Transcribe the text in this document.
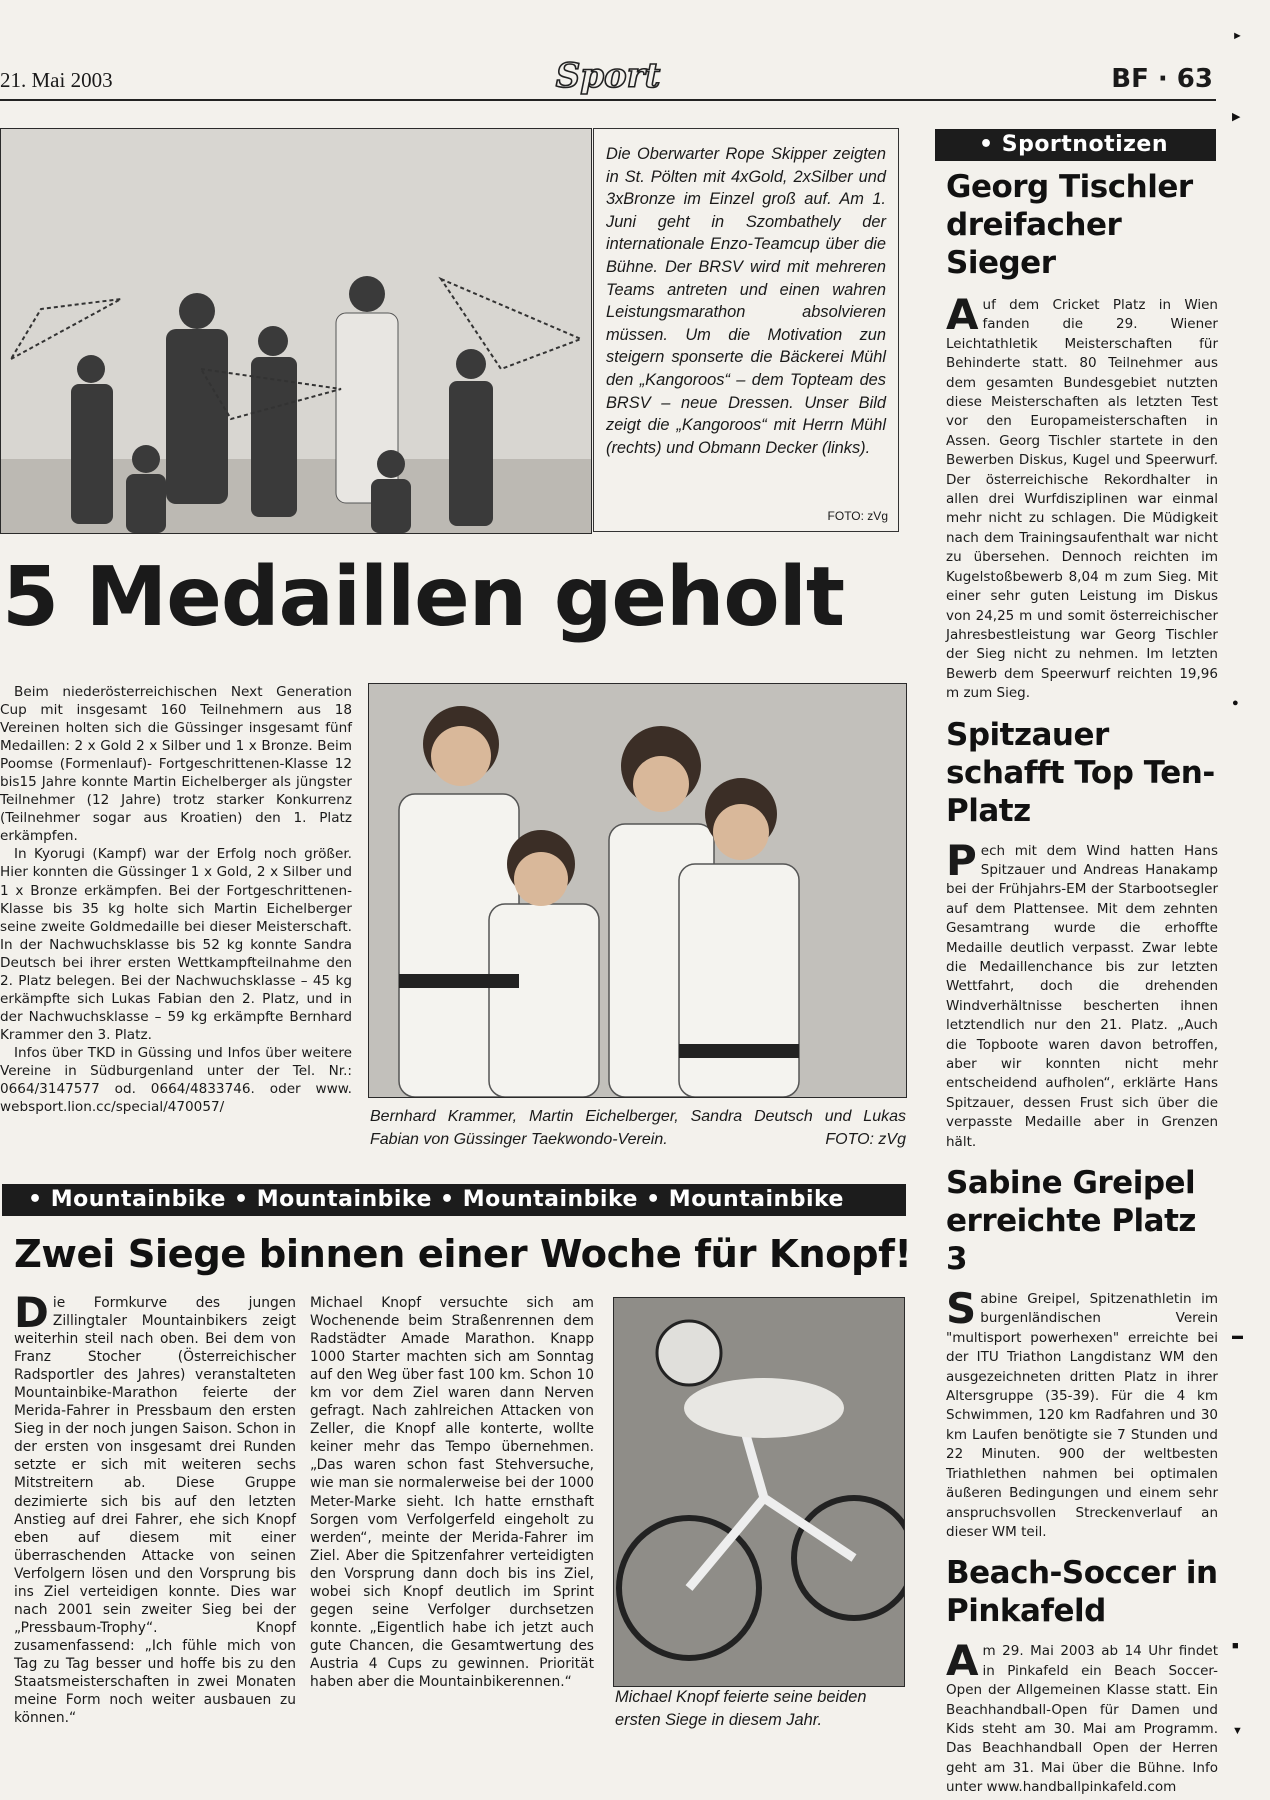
21. Mai 2003	Sport	BF · 63
►
▶
●
▬
■
▼

Die Oberwarter Rope Skipper zeigten in St. Pölten mit 4xGold, 2xSilber und 3xBronze im Einzel groß auf. Am 1. Juni geht in Szombathely der internationale Enzo-Teamcup über die Bühne. Der BRSV wird mit mehreren Teams antreten und einen wahren Leistungsmarathon absolvieren müssen. Um die Motivation zun steigern sponserte die Bäckerei Mühl den „Kangoroos“ – dem Topteam des BRSV – neue Dressen. Unser Bild zeigt die „Kangoroos“ mit Herrn Mühl (rechts) und Obmann Decker (links).

FOTO: zVg
5 Medaillen geholt

Beim niederösterreichischen Next Generation Cup mit insgesamt 160 Teilnehmern aus 18 Vereinen holten sich die Güssinger insgesamt fünf Medaillen: 2 x Gold 2 x Silber und 1 x Bronze. Beim Poomse (Formenlauf)- Fortgeschrittenen-Klasse 12 bis15 Jahre konnte Martin Eichelberger als jüngster Teilnehmer (12 Jahre) trotz starker Konkurrenz (Teilnehmer sogar aus Kroatien) den 1. Platz erkämpfen.

In Kyorugi (Kampf) war der Erfolg noch größer. Hier konnten die Güssinger 1 x Gold, 2 x Silber und 1 x Bronze erkämpfen. Bei der Fortgeschrittenen-Klasse bis 35 kg holte sich Martin Eichelberger seine zweite Goldmedaille bei dieser Meisterschaft. In der Nachwuchsklasse bis 52 kg konnte Sandra Deutsch bei ihrer ersten Wettkampfteilnahme den 2. Platz belegen. Bei der Nachwuchsklasse – 45 kg erkämpfte sich Lukas Fabian den 2. Platz, und in der Nachwuchsklasse – 59 kg erkämpfte Bernhard Krammer den 3. Platz.

Infos über TKD in Güssing und Infos über weitere Vereine in Südburgenland unter der Tel. Nr.: 0664/3147577 od. 0664/4833746. oder www. websport.lion.cc/special/470057/

Bernhard Krammer, Martin Eichelberger, Sandra Deutsch und Lukas Fabian von Güssinger Taekwondo-Verein.	FOTO: zVg

• Mountainbike • Mountainbike • Mountainbike • Mountainbike
Zwei Siege binnen einer Woche für Knopf!

Die Formkurve des jungen Zillingtaler Mountainbikers zeigt weiterhin steil nach oben. Bei dem von Franz Stocher (Österreichischer Radsportler des Jahres) veranstalteten Mountainbike-Marathon feierte der Merida-Fahrer in Pressbaum den ersten Sieg in der noch jungen Saison. Schon in der ersten von insgesamt drei Runden setzte er sich mit weiteren sechs Mitstreitern ab. Diese Gruppe dezimierte sich bis auf den letzten Anstieg auf drei Fahrer, ehe sich Knopf eben auf diesem mit einer überraschenden Attacke von seinen Verfolgern lösen und den Vorsprung bis ins Ziel verteidigen konnte. Dies war nach 2001 sein zweiter Sieg bei der „Pressbaum-Trophy“. Knopf zusamenfassend: „Ich fühle mich von Tag zu Tag besser und hoffe bis zu den Staatsmeisterschaften in zwei Monaten meine Form noch weiter ausbauen zu können.“

Michael Knopf versuchte sich am Wochenende beim Straßenrennen dem Radstädter Amade Marathon. Knapp 1000 Starter machten sich am Sonntag auf den Weg über fast 100 km. Schon 10 km vor dem Ziel waren dann Nerven gefragt. Nach zahlreichen Attacken von Zeller, die Knopf alle konterte, wollte keiner mehr das Tempo übernehmen. „Das waren schon fast Stehversuche, wie man sie normalerweise bei der 1000 Meter-Marke sieht. Ich hatte ernsthaft Sorgen vom Verfolgerfeld eingeholt zu werden“, meinte der Merida-Fahrer im Ziel. Aber die Spitzenfahrer verteidigten den Vorsprung dann doch bis ins Ziel, wobei sich Knopf deutlich im Sprint gegen seine Verfolger durchsetzen konnte. „Eigentlich habe ich jetzt auch gute Chancen, die Gesamtwertung des Austria 4 Cups zu gewinnen. Priorität haben aber die Mountainbikerennen.“

Michael Knopf feierte seine beiden ersten Siege in diesem Jahr.
• Sportnotizen
Georg Tischler dreifacher Sieger

Auf dem Cricket Platz in Wien fanden die 29. Wiener Leichtathletik Meisterschaften für Behinderte statt. 80 Teilnehmer aus dem gesamten Bundesgebiet nutzten diese Meisterschaften als letzten Test vor den Europameisterschaften in Assen. Georg Tischler startete in den Bewerben Diskus, Kugel und Speerwurf. Der österreichische Rekordhalter in allen drei Wurfdisziplinen war einmal mehr nicht zu schlagen. Die Müdigkeit nach dem Trainingsaufenthalt war nicht zu übersehen. Dennoch reichten im Kugelstoßbewerb 8,04 m zum Sieg. Mit einer sehr guten Leistung im Diskus von 24,25 m und somit österreichischer Jahresbestleistung war Georg Tischler der Sieg nicht zu nehmen. Im letzten Bewerb dem Speerwurf reichten 19,96 m zum Sieg.

Spitzauer schafft Top Ten-Platz

Pech mit dem Wind hatten Hans Spitzauer und Andreas Hanakamp bei der Frühjahrs-EM der Starbootsegler auf dem Plattensee. Mit dem zehnten Gesamtrang wurde die erhoffte Medaille deutlich verpasst. Zwar lebte die Medaillenchance bis zur letzten Wettfahrt, doch die drehenden Windverhältnisse bescherten ihnen letztendlich nur den 21. Platz. „Auch die Topboote waren davon betroffen, aber wir konnten nicht mehr entscheidend aufholen“, erklärte Hans Spitzauer, dessen Frust sich über die verpasste Medaille aber in Grenzen hält.

Sabine Greipel erreichte Platz 3

Sabine Greipel, Spitzenathletin im burgenländischen Verein "multisport powerhexen" erreichte bei der ITU Triathon Langdistanz WM den ausgezeichneten dritten Platz in ihrer Altersgruppe (35-39). Für die 4 km Schwimmen, 120 km Radfahren und 30 km Laufen benötigte sie 7 Stunden und 22 Minuten. 900 der weltbesten Triathlethen nahmen bei optimalen äußeren Bedingungen und einem sehr anspruchsvollen Streckenverlauf an dieser WM teil.

Beach-Soccer in Pinkafeld

Am 29. Mai 2003 ab 14 Uhr findet in Pinkafeld ein Beach Soccer-Open der Allgemeinen Klasse statt. Ein Beachhandball-Open für Damen und Kids steht am 30. Mai am Programm. Das Beachhandball Open der Herren geht am 31. Mai über die Bühne. Info unter www.handballpinkafeld.com
